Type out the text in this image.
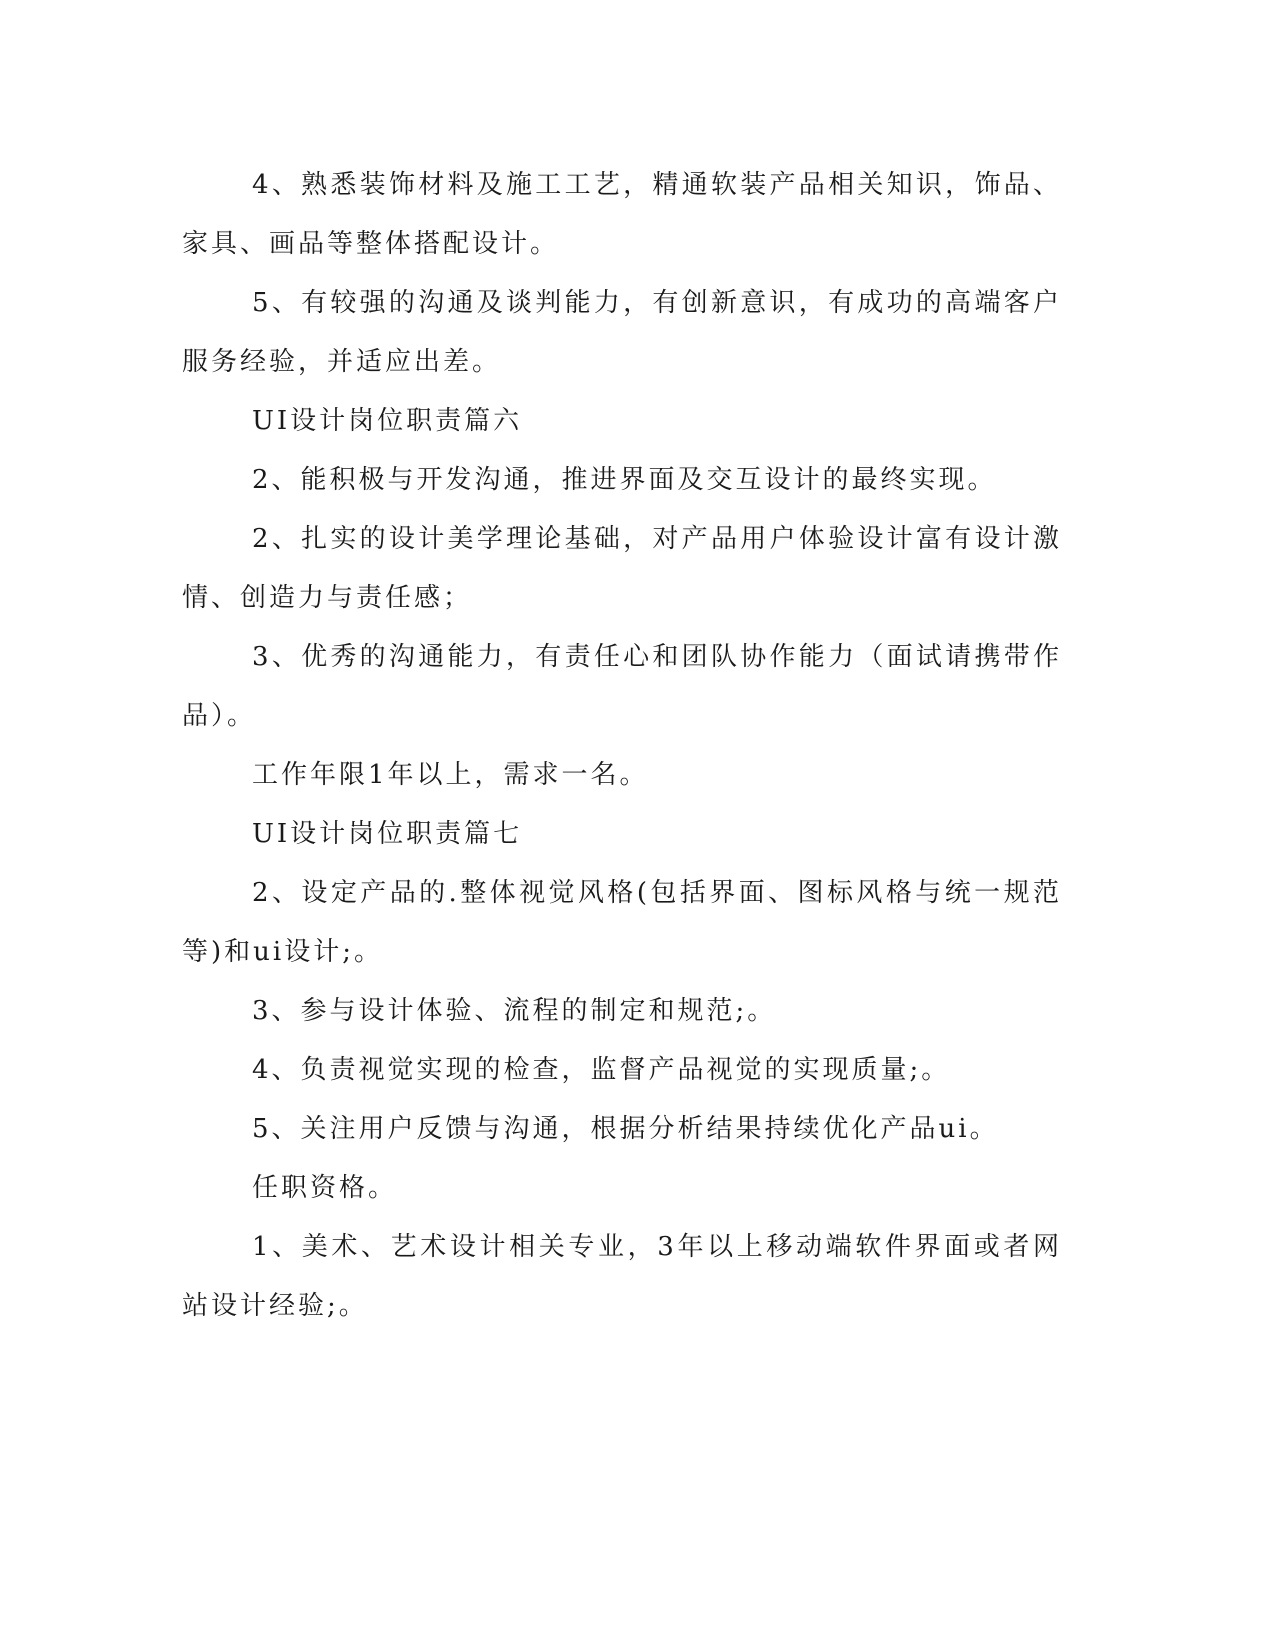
4、熟悉装饰材料及施工工艺，精通软装产品相关知识，饰品、家具、画品等整体搭配设计。

5、有较强的沟通及谈判能力，有创新意识，有成功的高端客户服务经验，并适应出差。

UI设计岗位职责篇六

2、能积极与开发沟通，推进界面及交互设计的最终实现。

2、扎实的设计美学理论基础，对产品用户体验设计富有设计激情、创造力与责任感；

3、优秀的沟通能力，有责任心和团队协作能力（面试请携带作品）。

工作年限1年以上，需求一名。

UI设计岗位职责篇七

2、设定产品的.整体视觉风格(包括界面、图标风格与统一规范等)和ui设计;。

3、参与设计体验、流程的制定和规范;。

4、负责视觉实现的检查，监督产品视觉的实现质量;。

5、关注用户反馈与沟通，根据分析结果持续优化产品ui。

任职资格。

1、美术、艺术设计相关专业，3年以上移动端软件界面或者网站设计经验;。
